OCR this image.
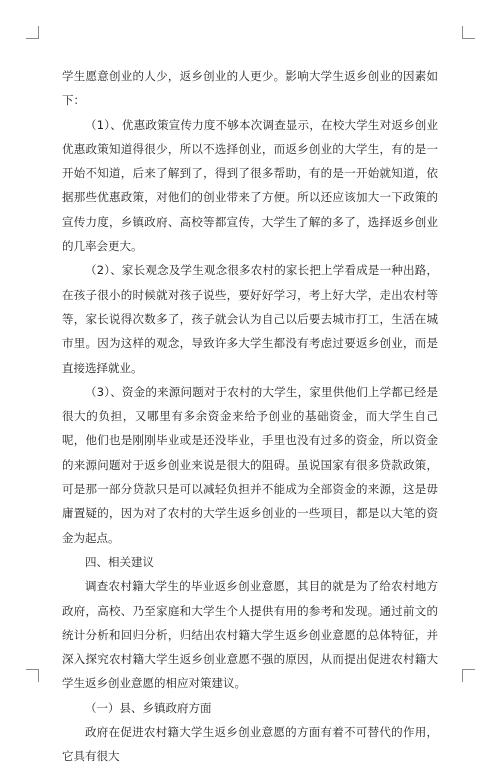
学生愿意创业的人少，返乡创业的人更少。影响大学生返乡创业的因素如下：

（1）、优惠政策宣传力度不够本次调查显示，在校大学生对返乡创业优惠政策知道得很少，所以不选择创业，而返乡创业的大学生，有的是一开始不知道，后来了解到了，得到了很多帮助，有的是一开始就知道，依据那些优惠政策，对他们的创业带来了方便。所以还应该加大一下政策的宣传力度，乡镇政府、高校等都宣传，大学生了解的多了，选择返乡创业的几率会更大。

（2）、家长观念及学生观念很多农村的家长把上学看成是一种出路，在孩子很小的时候就对孩子说些，要好好学习，考上好大学，走出农村等等，家长说得次数多了，孩子就会认为自己以后要去城市打工，生活在城市里。因为这样的观念，导致许多大学生都没有考虑过要返乡创业，而是直接选择就业。

（3）、资金的来源问题对于农村的大学生，家里供他们上学都已经是很大的负担，又哪里有多余资金来给予创业的基础资金，而大学生自己呢，他们也是刚刚毕业或是还没毕业，手里也没有过多的资金，所以资金的来源问题对于返乡创业来说是很大的阻碍。虽说国家有很多贷款政策，可是那一部分贷款只是可以减轻负担并不能成为全部资金的来源，这是毋庸置疑的，因为对了农村的大学生返乡创业的一些项目，都是以大笔的资金为起点。

四、相关建议

调查农村籍大学生的毕业返乡创业意愿，其目的就是为了给农村地方政府，高校、乃至家庭和大学生个人提供有用的参考和发现。通过前文的统计分析和回归分析，归结出农村籍大学生返乡创业意愿的总体特征，并深入探究农村籍大学生返乡创业意愿不强的原因，从而提出促进农村籍大学生返乡创业意愿的相应对策建议。

（一）县、乡镇政府方面

政府在促进农村籍大学生返乡创业意愿的方面有着不可替代的作用，它具有很大
